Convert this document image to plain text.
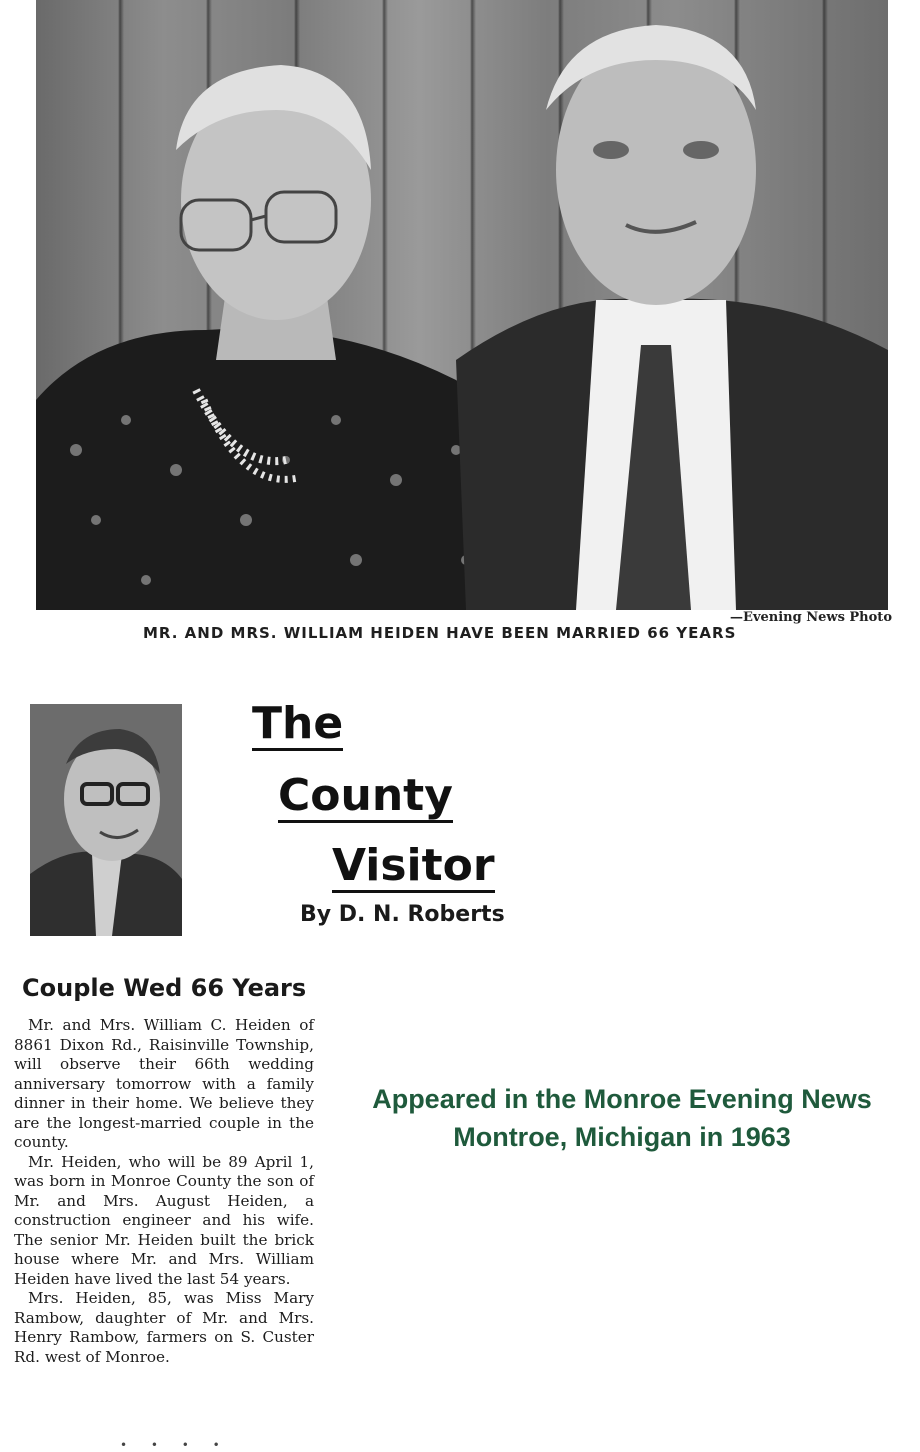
—Evening News Photo
MR. AND MRS. WILLIAM HEIDEN HAVE BEEN MARRIED 66 YEARS
The
County
Visitor
By D. N. Roberts
Couple Wed 66 Years

Mr. and Mrs. William C. Heiden of 8861 Dixon Rd., Raisinville Township, will observe their 66th wedding anniversary tomorrow with a family dinner in their home. We believe they are the longest-married couple in the county.

Mr. Heiden, who will be 89 April 1, was born in Monroe County the son of Mr. and Mrs. August Heiden, a construction engineer and his wife. The senior Mr. Heiden built the brick house where Mr. and Mrs. William Heiden have lived the last 54 years.

Mrs. Heiden, 85, was Miss Mary Rambow, daughter of Mr. and Mrs. Henry Rambow, farmers on S. Custer Rd. west of Monroe.

• • • •
Appeared in the Monroe Evening News
Montroe, Michigan in 1963
